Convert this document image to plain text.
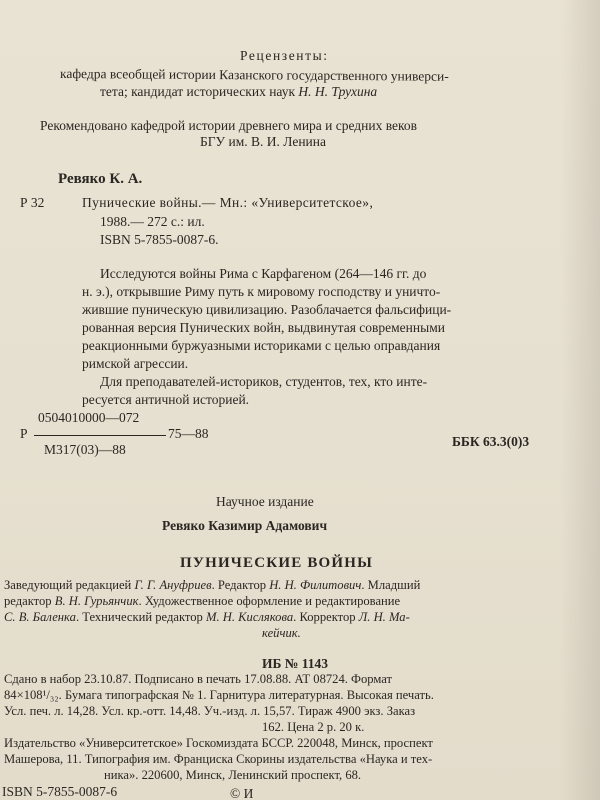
Рецензенты:
кафедра всеобщей истории Казанского государственного универси-
тета; кандидат исторических наук Н. Н. Трухина
Рекомендовано кафедрой истории древнего мира и средних веков
БГУ им. В. И. Ленина
Ревяко К. А.
Р 32	Пунические войны.— Мн.: «Университетское»,
1988.— 272 с.: ил.
ISBN 5-7855-0087-6.
Исследуются войны Рима с Карфагеном (264—146 гг. до
н. э.), открывшие Риму путь к мировому господству и уничто-
жившие пуническую цивилизацию. Разоблачается фальсифици-
рованная версия Пунических войн, выдвинутая современными
реакционными буржуазными историками с целью оправдания
римской агрессии.
Для преподавателей-историков, студентов, тех, кто инте-
ресуется античной историей.
0504010000—072
Р	75—88
М317(03)—88
ББК 63.3(0)3
Научное издание
Ревяко Казимир Адамович
ПУНИЧЕСКИЕ ВОЙНЫ
Заведующий редакцией Г. Г. Ануфриев. Редактор Н. Н. Филитович. Младший
редактор В. Н. Гурьянчик. Художественное оформление и редактирование
С. В. Баленка. Технический редактор М. Н. Кислякова. Корректор Л. Н. Ма-
кейчик.
ИБ № 1143
Сдано в набор 23.10.87. Подписано в печать 17.08.88. АТ 08724. Формат
84×108¹/₃₂. Бумага типографская № 1. Гарнитура литературная. Высокая печать.
Усл. печ. л. 14,28. Усл. кр.-отт. 14,48. Уч.-изд. л. 15,57. Тираж 4900 экз. Заказ
162. Цена 2 р. 20 к.
Издательство «Университетское» Госкомиздата БССР. 220048, Минск, проспект
Машерова, 11. Типография им. Франциска Скорины издательства «Наука и тех-
ника». 220600, Минск, Ленинский проспект, 68.
ISBN 5-7855-0087-6	© И
